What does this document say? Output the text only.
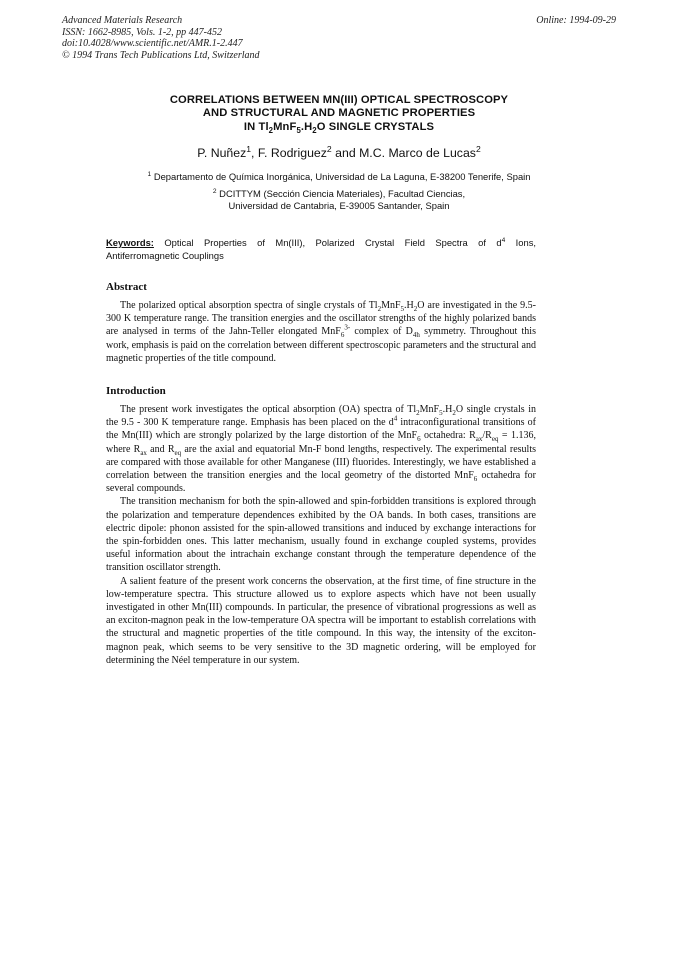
Advanced Materials Research
ISSN: 1662-8985, Vols. 1-2, pp 447-452
doi:10.4028/www.scientific.net/AMR.1-2.447
© 1994 Trans Tech Publications Ltd, Switzerland
Online: 1994-09-29
CORRELATIONS BETWEEN MN(III) OPTICAL SPECTROSCOPY
AND STRUCTURAL AND MAGNETIC PROPERTIES
IN $Tl_2MnF_5.H_2O$ SINGLE CRYSTALS
P. Nuñez$^1$, F. Rodriguez$^2$ and M.C. Marco de Lucas$^2$
$^1$ Departamento de Química Inorgánica, Universidad de La Laguna, E-38200 Tenerife, Spain
$^2$ DCITTYM (Sección Ciencia Materiales), Facultad Ciencias,
Universidad de Cantabria, E-39005 Santander, Spain
Keywords: Optical Properties of Mn(III), Polarized Crystal Field Spectra of $d^4$ Ions,
Antiferromagnetic Couplings
Abstract

The polarized optical absorption spectra of single crystals of $Tl_2MnF_5.H_2O$ are investigated in the 9.5-300 K temperature range. The transition energies and the oscillator strengths of the highly polarized bands are analysed in terms of the Jahn-Teller elongated MnF$_6^{3-}$ complex of $D_{4h}$ symmetry. Throughout this work, emphasis is paid on the correlation between different spectroscopic parameters and the structural and magnetic properties of the title compound.

Introduction

The present work investigates the optical absorption (OA) spectra of $Tl_2MnF_5.H_2O$ single crystals in the 9.5 - 300 K temperature range. Emphasis has been placed on the $d^4$ intraconfigurational transitions of the Mn(III) which are strongly polarized by the large distortion of the MnF$_6$ octahedra: $R_{ax}/R_{eq} = 1.136$, where $R_{ax}$ and $R_{eq}$ are the axial and equatorial Mn-F bond lengths, respectively. The experimental results are compared with those available for other Manganese (III) fluorides. Interestingly, we have established a correlation between the transition energies and the local geometry of the distorted MnF$_6$ octahedra for several compounds.

The transition mechanism for both the spin-allowed and spin-forbidden transitions is explored through the polarization and temperature dependences exhibited by the OA bands. In both cases, transitions are electric dipole: phonon assisted for the spin-allowed transitions and induced by exchange interactions for the spin-forbidden ones. This latter mechanism, usually found in exchange coupled systems, provides useful information about the intrachain exchange constant through the temperature dependence of the transition oscillator strength.

A salient feature of the present work concerns the observation, at the first time, of fine structure in the low-temperature spectra. This structure allowed us to explore aspects which have not been usually investigated in other Mn(III) compounds. In particular, the presence of vibrational progressions as well as an exciton-magnon peak in the low-temperature OA spectra will be important to establish correlations with the structural and magnetic properties of the title compound. In this way, the intensity of the exciton-magnon peak, which seems to be very sensitive to the 3D magnetic ordering, will be employed for determining the Néel temperature in our system.
